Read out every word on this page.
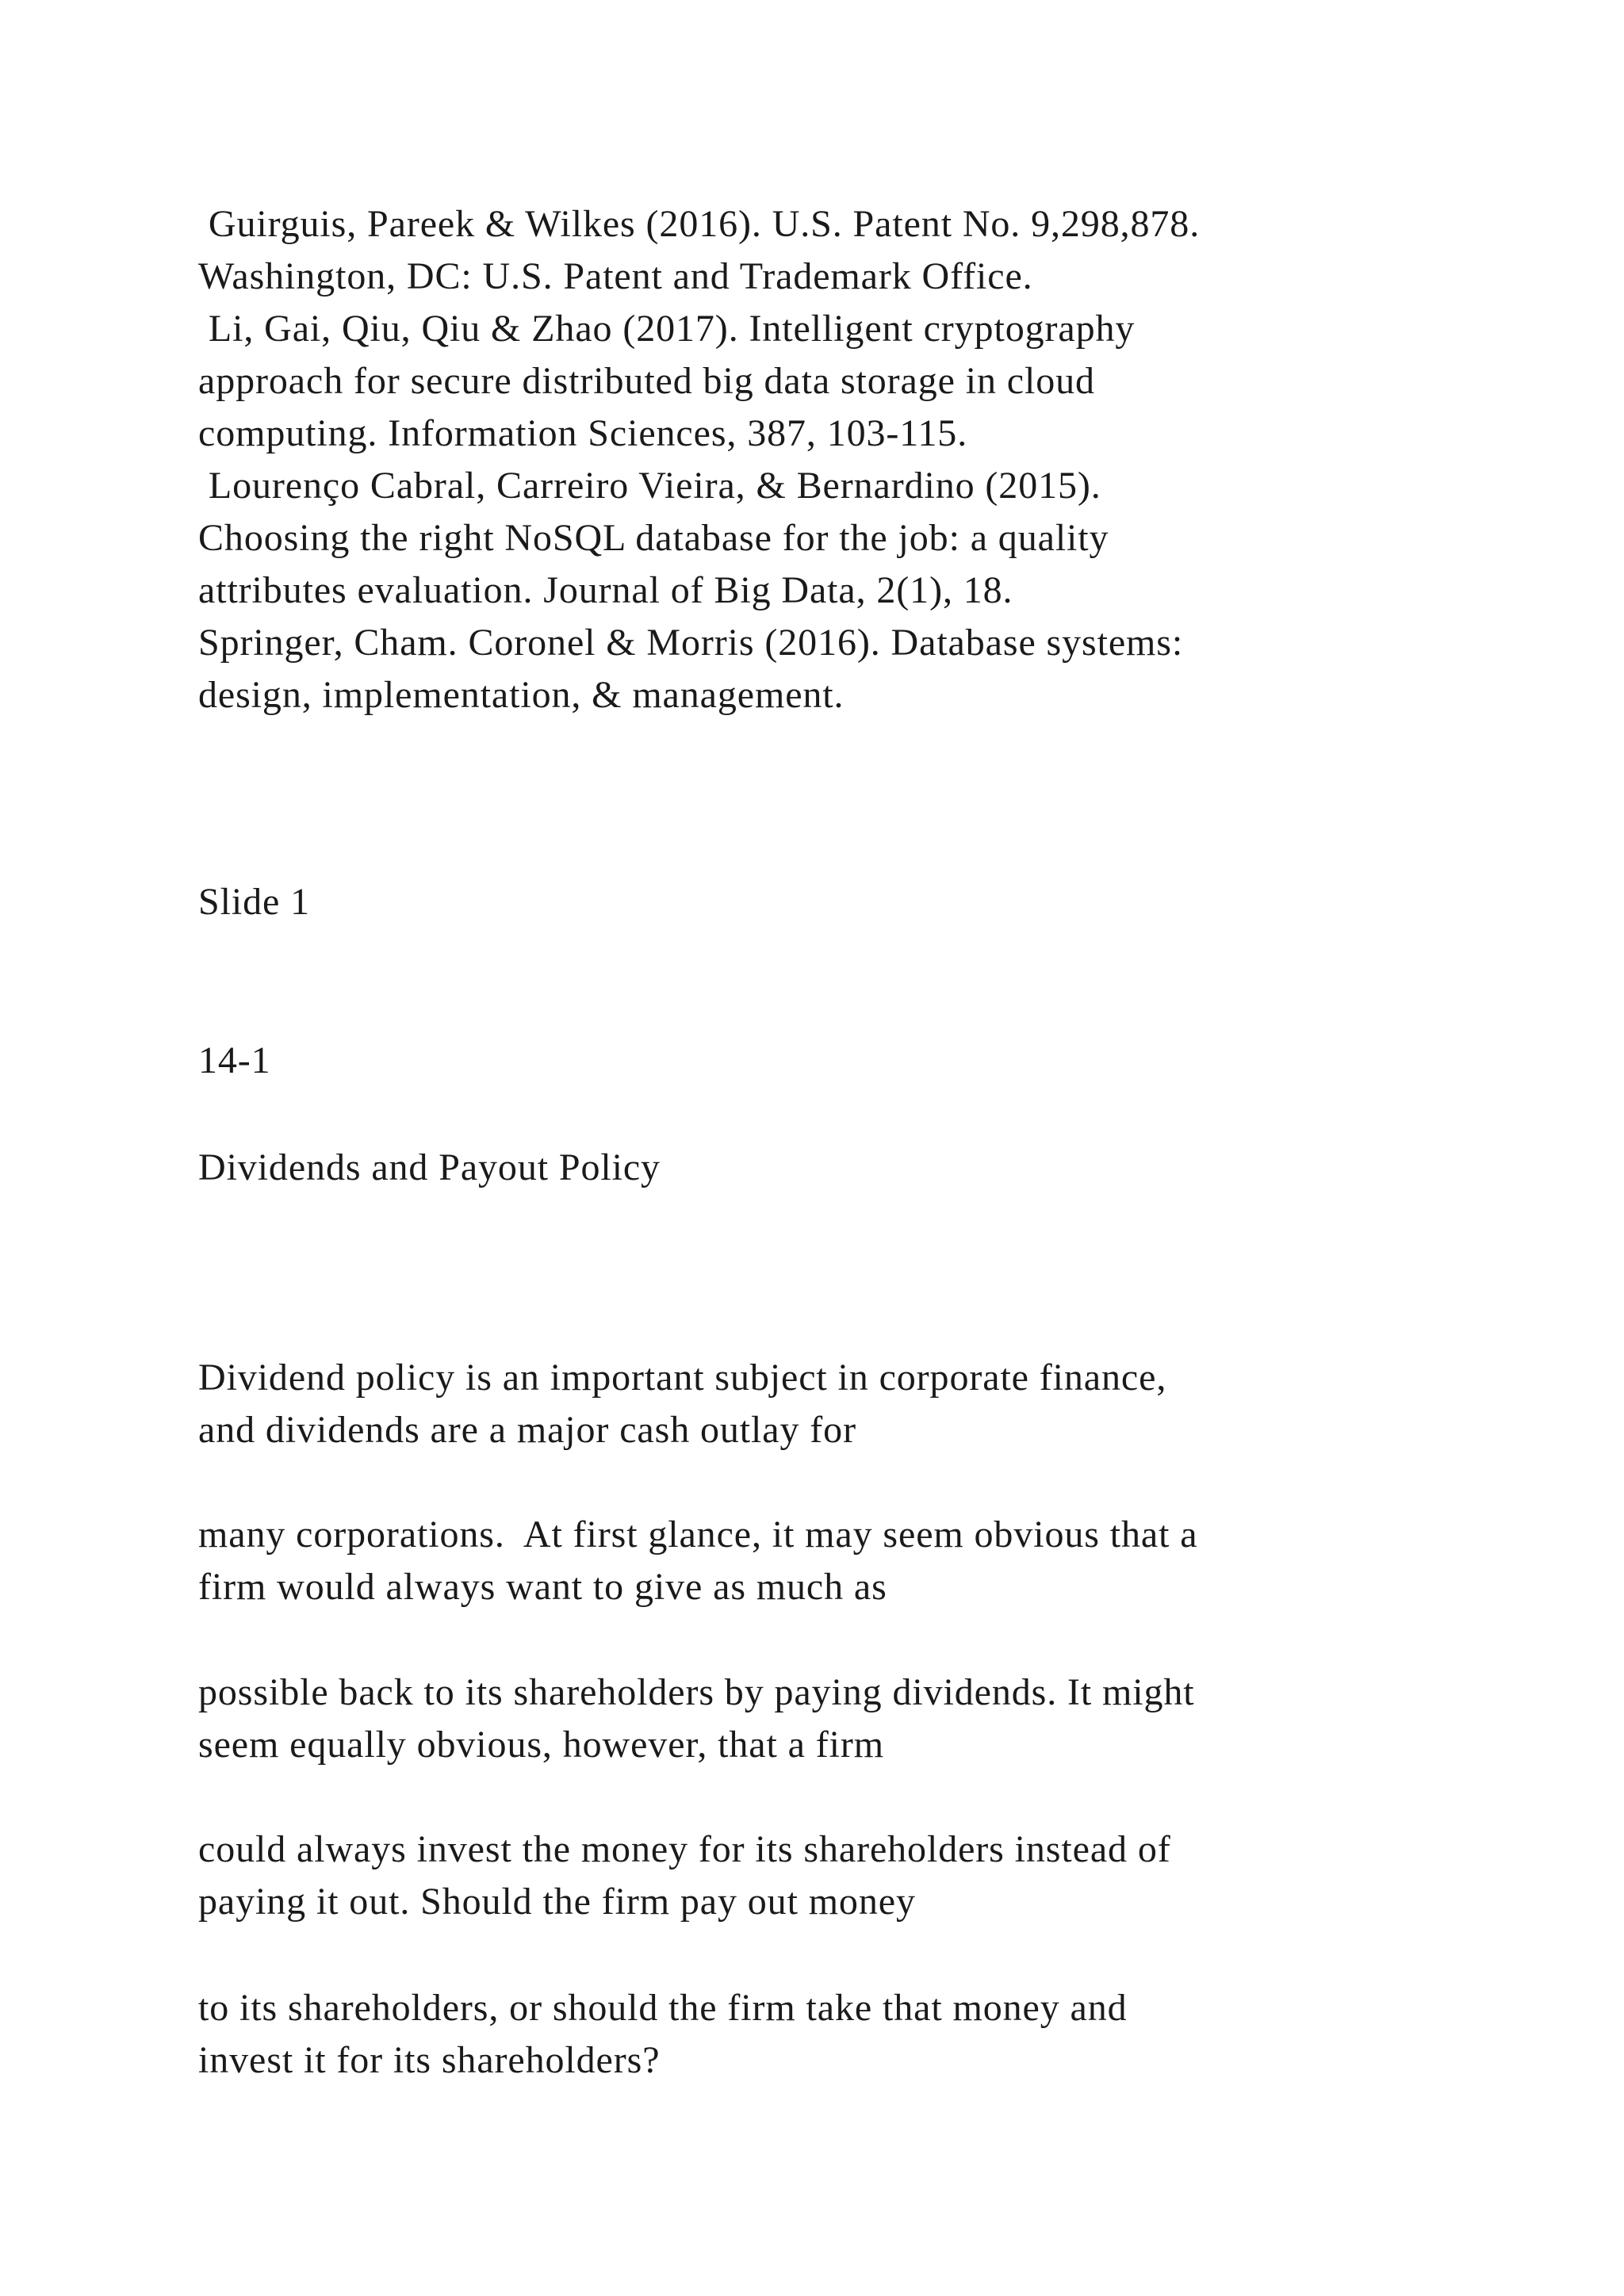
Guirguis, Pareek & Wilkes (2016). U.S. Patent No. 9,298,878.
Washington, DC: U.S. Patent and Trademark Office.
Li, Gai, Qiu, Qiu & Zhao (2017). Intelligent cryptography
approach for secure distributed big data storage in cloud
computing. Information Sciences, 387, 103-115.
Lourenço Cabral, Carreiro Vieira, & Bernardino (2015).
Choosing the right NoSQL database for the job: a quality
attributes evaluation. Journal of Big Data, 2(1), 18.
Springer, Cham. Coronel & Morris (2016). Database systems:
design, implementation, & management.
Slide 1
14-1
Dividends and Payout Policy
Dividend policy is an important subject in corporate finance,
and dividends are a major cash outlay for
many corporations.  At first glance, it may seem obvious that a
firm would always want to give as much as
possible back to its shareholders by paying dividends. It might
seem equally obvious, however, that a firm
could always invest the money for its shareholders instead of
paying it out. Should the firm pay out money
to its shareholders, or should the firm take that money and
invest it for its shareholders?
